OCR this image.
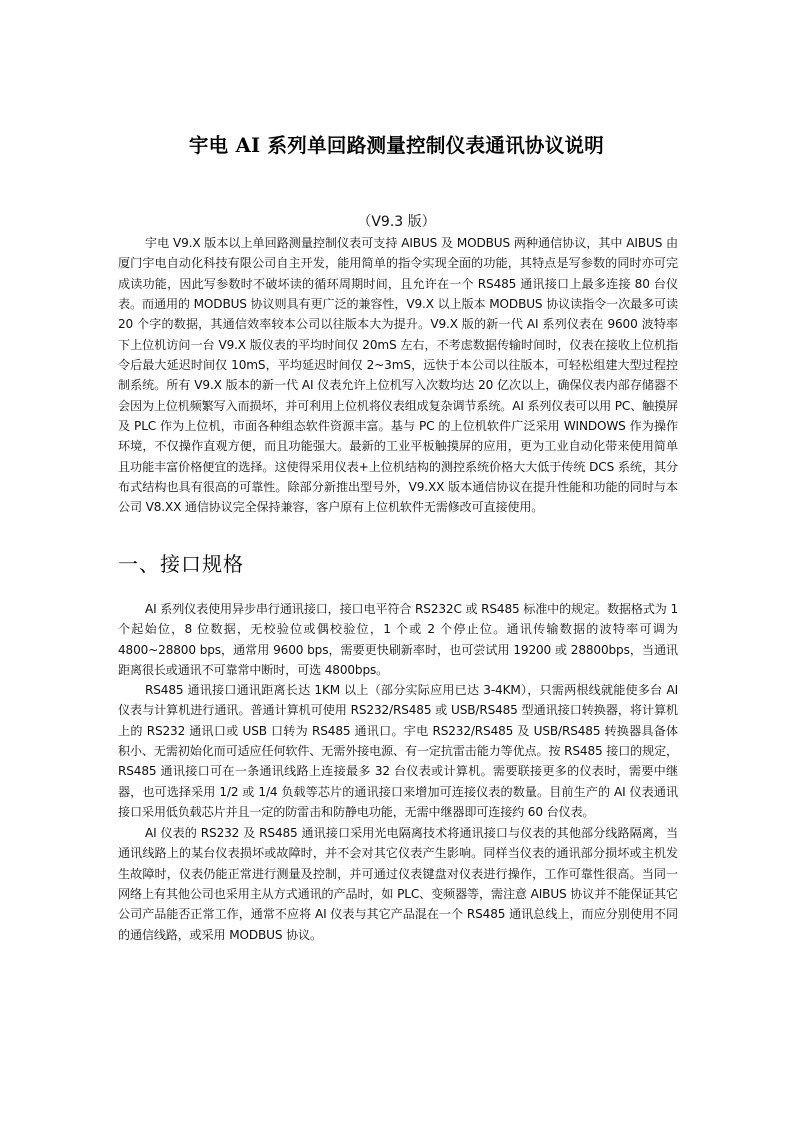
宇电 AI 系列单回路测量控制仪表通讯协议说明
（V9.3 版）

宇电 V9.X 版本以上单回路测量控制仪表可支持 AIBUS 及 MODBUS 两种通信协议，其中 AIBUS 由厦门宇电自动化科技有限公司自主开发，能用简单的指令实现全面的功能，其特点是写参数的同时亦可完成读功能，因此写参数时不破坏读的循环周期时间，且允许在一个 RS485 通讯接口上最多连接 80 台仪表。而通用的 MODBUS 协议则具有更广泛的兼容性，V9.X 以上版本 MODBUS 协议读指令一次最多可读 20 个字的数据，其通信效率较本公司以往版本大为提升。V9.X 版的新一代 AI 系列仪表在 9600 波特率下上位机访问一台 V9.X 版仪表的平均时间仅 20mS 左右，不考虑数据传输时间时，仪表在接收上位机指令后最大延迟时间仅 10mS，平均延迟时间仅 2~3mS，远快于本公司以往版本，可轻松组建大型过程控制系统。所有 V9.X 版本的新一代 AI 仪表允许上位机写入次数均达 20 亿次以上，确保仪表内部存储器不会因为上位机频繁写入而损坏，并可利用上位机将仪表组成复杂调节系统。AI 系列仪表可以用 PC、触摸屏及 PLC 作为上位机，市面各种组态软件资源丰富。基与 PC 的上位机软件广泛采用 WINDOWS 作为操作环境，不仅操作直观方便，而且功能强大。最新的工业平板触摸屏的应用，更为工业自动化带来使用简单且功能丰富价格便宜的选择。这使得采用仪表+上位机结构的测控系统价格大大低于传统 DCS 系统，其分布式结构也具有很高的可靠性。除部分新推出型号外，V9.XX 版本通信协议在提升性能和功能的同时与本公司 V8.XX 通信协议完全保持兼容，客户原有上位机软件无需修改可直接使用。

一、接口规格

AI 系列仪表使用异步串行通讯接口，接口电平符合 RS232C 或 RS485 标准中的规定。数据格式为 1 个起始位，8 位数据，无校验位或偶校验位，1 个或 2 个停止位。通讯传输数据的波特率可调为 4800~28800 bps，通常用 9600 bps，需要更快刷新率时，也可尝试用 19200 或 28800bps，当通讯距离很长或通讯不可靠常中断时，可选 4800bps。

RS485 通讯接口通讯距离长达 1KM 以上（部分实际应用已达 3-4KM），只需两根线就能使多台 AI 仪表与计算机进行通讯。普通计算机可使用 RS232/RS485 或 USB/RS485 型通讯接口转换器，将计算机上的 RS232 通讯口或 USB 口转为 RS485 通讯口。宇电 RS232/RS485 及 USB/RS485 转换器具备体积小、无需初始化而可适应任何软件、无需外接电源、有一定抗雷击能力等优点。按 RS485 接口的规定，RS485 通讯接口可在一条通讯线路上连接最多 32 台仪表或计算机。需要联接更多的仪表时，需要中继器，也可选择采用 1/2 或 1/4 负载等芯片的通讯接口来增加可连接仪表的数量。目前生产的 AI 仪表通讯接口采用低负载芯片并且一定的防雷击和防静电功能，无需中继器即可连接约 60 台仪表。

AI 仪表的 RS232 及 RS485 通讯接口采用光电隔离技术将通讯接口与仪表的其他部分线路隔离，当通讯线路上的某台仪表损坏或故障时，并不会对其它仪表产生影响。同样当仪表的通讯部分损坏或主机发生故障时，仪表仍能正常进行测量及控制，并可通过仪表键盘对仪表进行操作，工作可靠性很高。当同一网络上有其他公司也采用主从方式通讯的产品时，如 PLC、变频器等，需注意 AIBUS 协议并不能保证其它公司产品能否正常工作，通常不应将 AI 仪表与其它产品混在一个 RS485 通讯总线上，而应分别使用不同的通信线路，或采用 MODBUS 协议。
